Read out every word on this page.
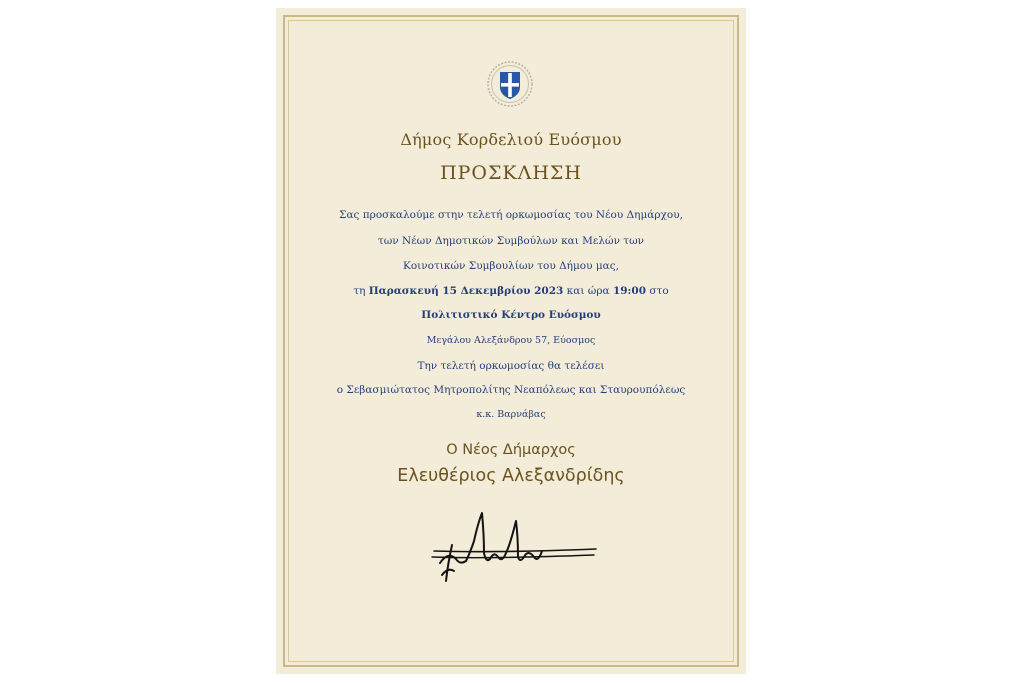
Δήμος Κορδελιού Ευόσμου
ΠΡΟΣΚΛΗΣΗ
Σας προσκαλούμε στην τελετή ορκωμοσίας του Νέου Δημάρχου,
των Νέων Δημοτικών Συμβούλων και Μελών των
Κοινοτικών Συμβουλίων του Δήμου μας,
τη Παρασκευή 15 Δεκεμβρίου 2023 και ώρα 19:00 στο
Πολιτιστικό Κέντρο Ευόσμου
Μεγάλου Αλεξάνδρου 57, Εύοσμος
Την τελετή ορκωμοσίας θα τελέσει
ο Σεβασμιώτατος Μητροπολίτης Νεαπόλεως και Σταυρουπόλεως
κ.κ. Βαρνάβας
Ο Νέος Δήμαρχος
Ελευθέριος Αλεξανδρίδης
